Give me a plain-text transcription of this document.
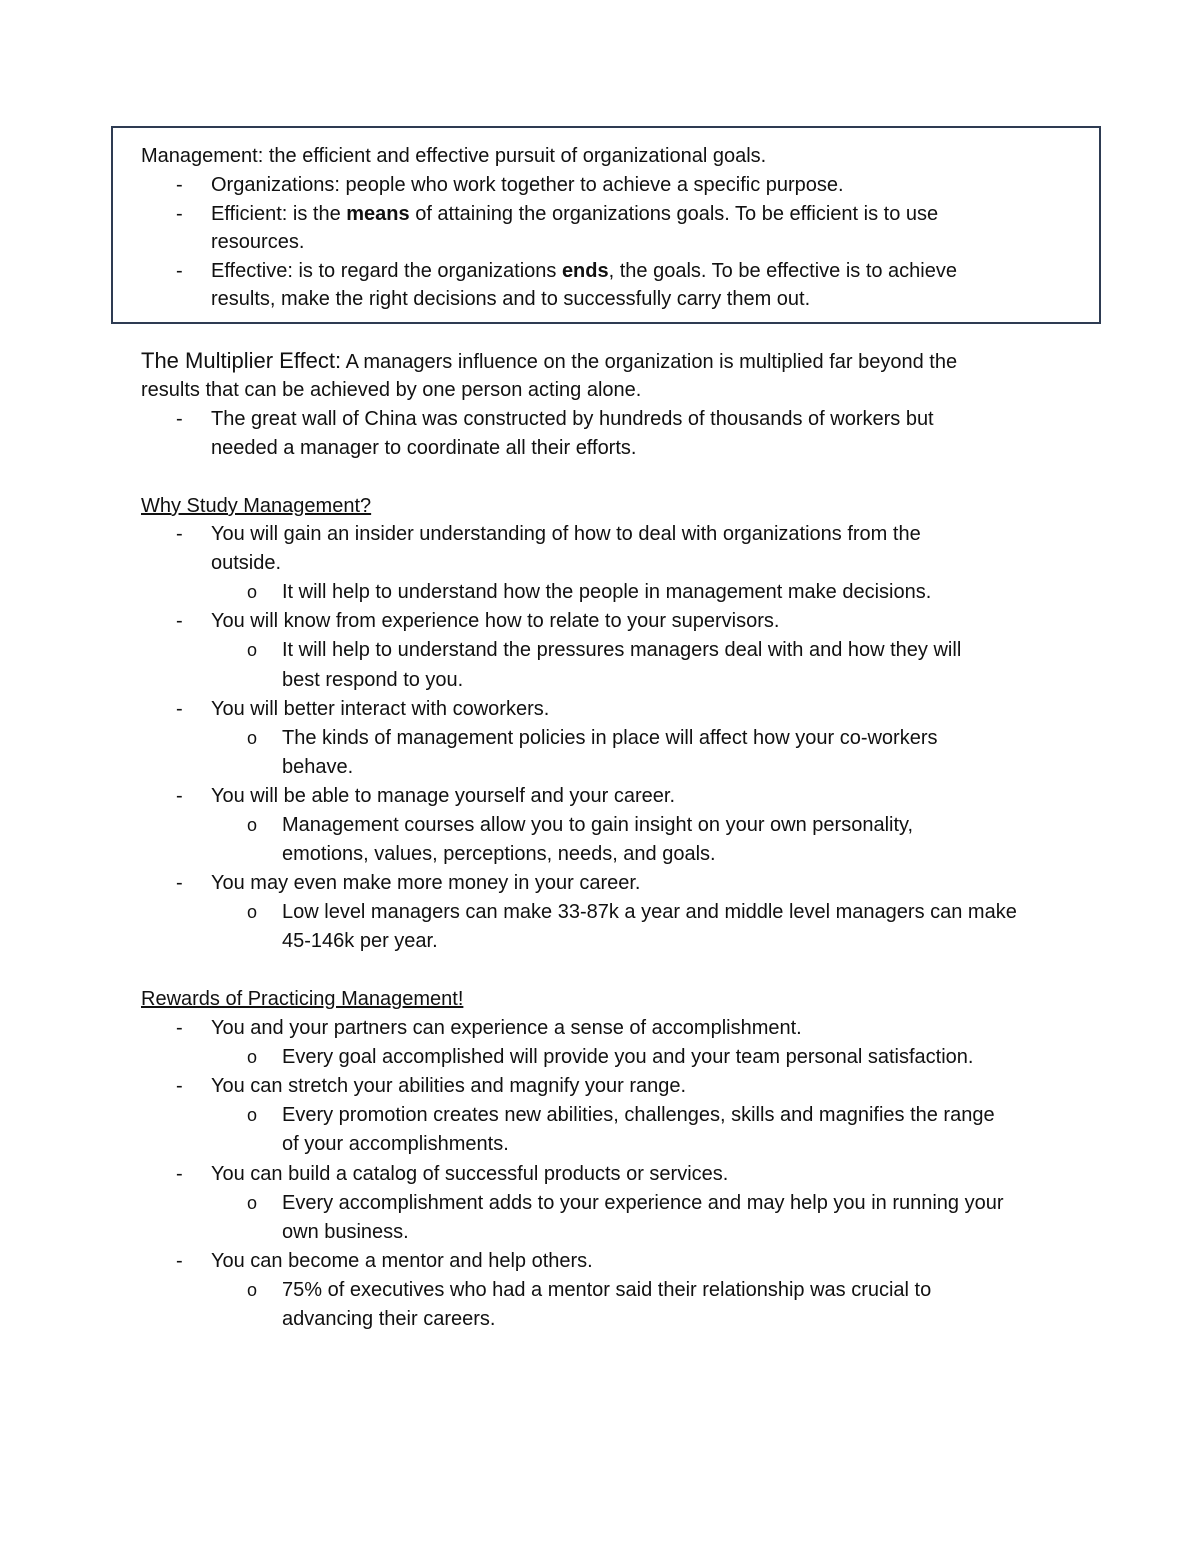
Management: the efficient and effective pursuit of organizational goals.
- Organizations: people who work together to achieve a specific purpose.
- Efficient: is the means of attaining the organizations goals. To be efficient is to use
resources.
- Effective: is to regard the organizations ends, the goals. To be effective is to achieve
results, make the right decisions and to successfully carry them out.
The Multiplier Effect: A managers influence on the organization is multiplied far beyond the
results that can be achieved by one person acting alone.
- The great wall of China was constructed by hundreds of thousands of workers but
needed a manager to coordinate all their efforts.
Why Study Management?
- You will gain an insider understanding of how to deal with organizations from the
outside.
o It will help to understand how the people in management make decisions.
- You will know from experience how to relate to your supervisors.
o It will help to understand the pressures managers deal with and how they will
best respond to you.
- You will better interact with coworkers.
o The kinds of management policies in place will affect how your co-workers
behave.
- You will be able to manage yourself and your career.
o Management courses allow you to gain insight on your own personality,
emotions, values, perceptions, needs, and goals.
- You may even make more money in your career.
o Low level managers can make 33-87k a year and middle level managers can make
45-146k per year.
Rewards of Practicing Management!
- You and your partners can experience a sense of accomplishment.
o Every goal accomplished will provide you and your team personal satisfaction.
- You can stretch your abilities and magnify your range.
o Every promotion creates new abilities, challenges, skills and magnifies the range
of your accomplishments.
- You can build a catalog of successful products or services.
o Every accomplishment adds to your experience and may help you in running your
own business.
- You can become a mentor and help others.
o 75% of executives who had a mentor said their relationship was crucial to
advancing their careers.
